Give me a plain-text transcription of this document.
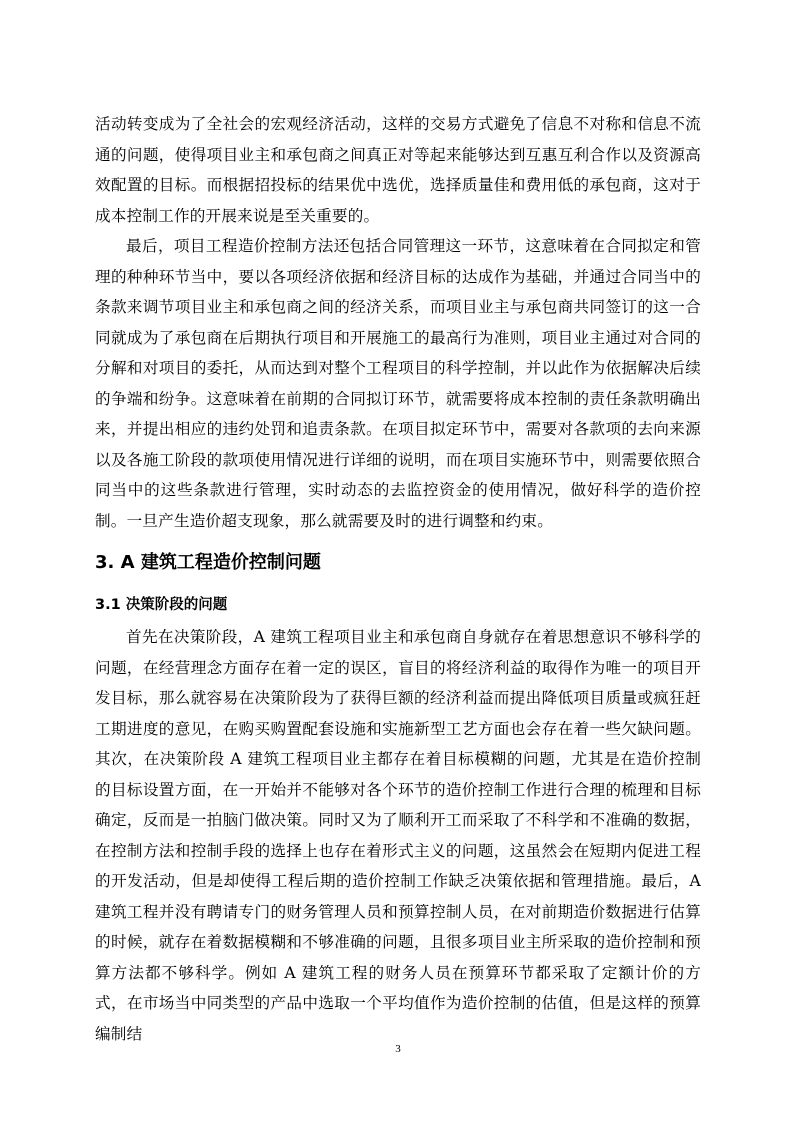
活动转变成为了全社会的宏观经济活动，这样的交易方式避免了信息不对称和信息不流通的问题，使得项目业主和承包商之间真正对等起来能够达到互惠互利合作以及资源高效配置的目标。而根据招投标的结果优中选优，选择质量佳和费用低的承包商，这对于成本控制工作的开展来说是至关重要的。

最后，项目工程造价控制方法还包括合同管理这一环节，这意味着在合同拟定和管理的种种环节当中，要以各项经济依据和经济目标的达成作为基础，并通过合同当中的条款来调节项目业主和承包商之间的经济关系，而项目业主与承包商共同签订的这一合同就成为了承包商在后期执行项目和开展施工的最高行为准则，项目业主通过对合同的分解和对项目的委托，从而达到对整个工程项目的科学控制，并以此作为依据解决后续的争端和纷争。这意味着在前期的合同拟订环节，就需要将成本控制的责任条款明确出来，并提出相应的违约处罚和追责条款。在项目拟定环节中，需要对各款项的去向来源以及各施工阶段的款项使用情况进行详细的说明，而在项目实施环节中，则需要依照合同当中的这些条款进行管理，实时动态的去监控资金的使用情况，做好科学的造价控制。一旦产生造价超支现象，那么就需要及时的进行调整和约束。

3. A 建筑工程造价控制问题
3.1 决策阶段的问题

首先在决策阶段，A 建筑工程项目业主和承包商自身就存在着思想意识不够科学的问题，在经营理念方面存在着一定的误区，盲目的将经济利益的取得作为唯一的项目开发目标，那么就容易在决策阶段为了获得巨额的经济利益而提出降低项目质量或疯狂赶工期进度的意见，在购买购置配套设施和实施新型工艺方面也会存在着一些欠缺问题。其次，在决策阶段 A 建筑工程项目业主都存在着目标模糊的问题，尤其是在造价控制的目标设置方面，在一开始并不能够对各个环节的造价控制工作进行合理的梳理和目标确定，反而是一拍脑门做决策。同时又为了顺利开工而采取了不科学和不准确的数据，在控制方法和控制手段的选择上也存在着形式主义的问题，这虽然会在短期内促进工程的开发活动，但是却使得工程后期的造价控制工作缺乏决策依据和管理措施。最后，A 建筑工程并没有聘请专门的财务管理人员和预算控制人员，在对前期造价数据进行估算的时候，就存在着数据模糊和不够准确的问题，且很多项目业主所采取的造价控制和预算方法都不够科学。例如 A 建筑工程的财务人员在预算环节都采取了定额计价的方式，在市场当中同类型的产品中选取一个平均值作为造价控制的估值，但是这样的预算编制结

3
